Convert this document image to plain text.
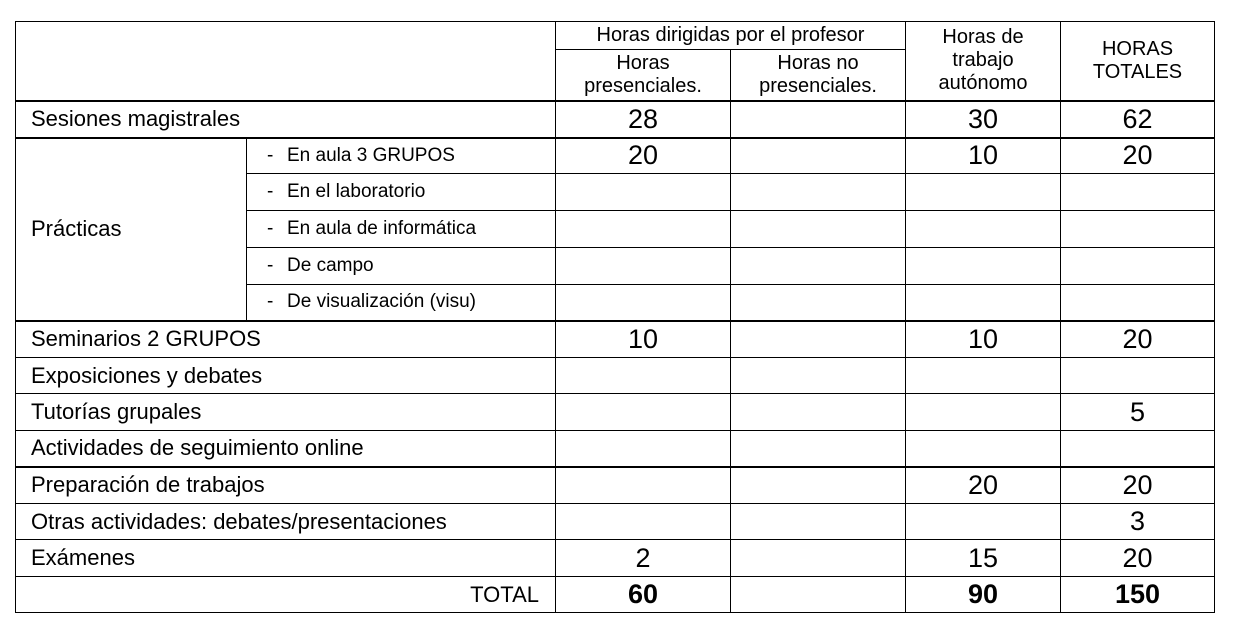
		Horas dirigidas por el profesor		Horas de
trabajo
autónomo	HORAS
TOTALES
		Horas
presenciales.	Horas no
presenciales.		
Sesiones magistrales		28		30	62
Prácticas	- En aula 3 GRUPOS	20		10	20
	- En el laboratorio				
	- En aula de informática				
	- De campo				
	- De visualización (visu)				
Seminarios 2 GRUPOS		10		10	20
Exposiciones y debates					
Tutorías grupales					5
Actividades de seguimiento online					
Preparación de trabajos				20	20
Otras actividades: debates/presentaciones					3
Exámenes		2		15	20
TOTAL		60		90	150
